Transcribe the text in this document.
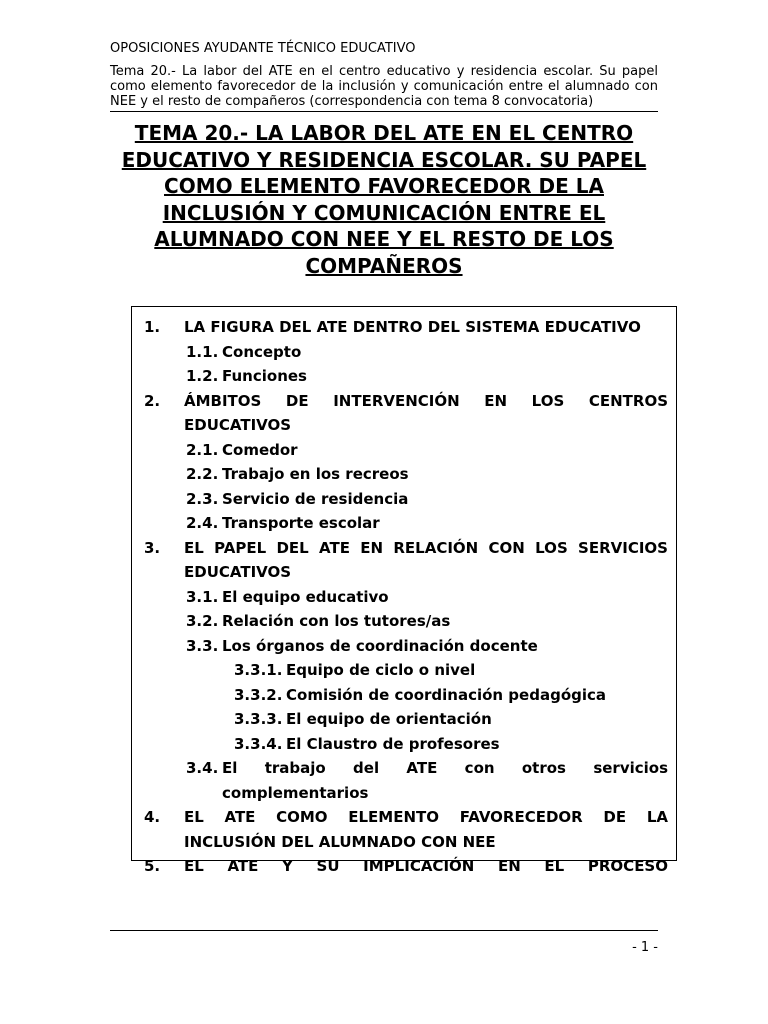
OPOSICIONES AYUDANTE TÉCNICO EDUCATIVO

Tema 20.- La labor del ATE en el centro educativo y residencia escolar. Su papel como elemento favorecedor de la inclusión y comunicación entre el alumnado con NEE y el resto de compañeros (correspondencia con tema 8 convocatoria)

TEMA 20.- LA LABOR DEL ATE EN EL CENTRO EDUCATIVO Y RESIDENCIA ESCOLAR. SU PAPEL COMO ELEMENTO FAVORECEDOR DE LA INCLUSIÓN Y COMUNICACIÓN ENTRE EL ALUMNADO CON NEE Y EL RESTO DE LOS COMPAÑEROS
1.	LA FIGURA DEL ATE DENTRO DEL SISTEMA EDUCATIVO
1.1. Concepto
1.2. Funciones
2.	ÁMBITOS DE INTERVENCIÓN EN LOS CENTROS
EDUCATIVOS
2.1. Comedor
2.2. Trabajo en los recreos
2.3. Servicio de residencia
2.4. Transporte escolar
3.	EL PAPEL DEL ATE EN RELACIÓN CON LOS SERVICIOS
EDUCATIVOS
3.1. El equipo educativo
3.2. Relación con los tutores/as
3.3. Los órganos de coordinación docente
3.3.1. Equipo de ciclo o nivel
3.3.2. Comisión de coordinación pedagógica
3.3.3. El equipo de orientación
3.3.4. El Claustro de profesores
3.4. El trabajo del ATE con otros servicios
complementarios
4.	EL ATE COMO ELEMENTO FAVORECEDOR DE LA
INCLUSIÓN DEL ALUMNADO CON NEE
5.	EL ATE Y SU IMPLICACIÓN EN EL PROCESO
- 1 -
